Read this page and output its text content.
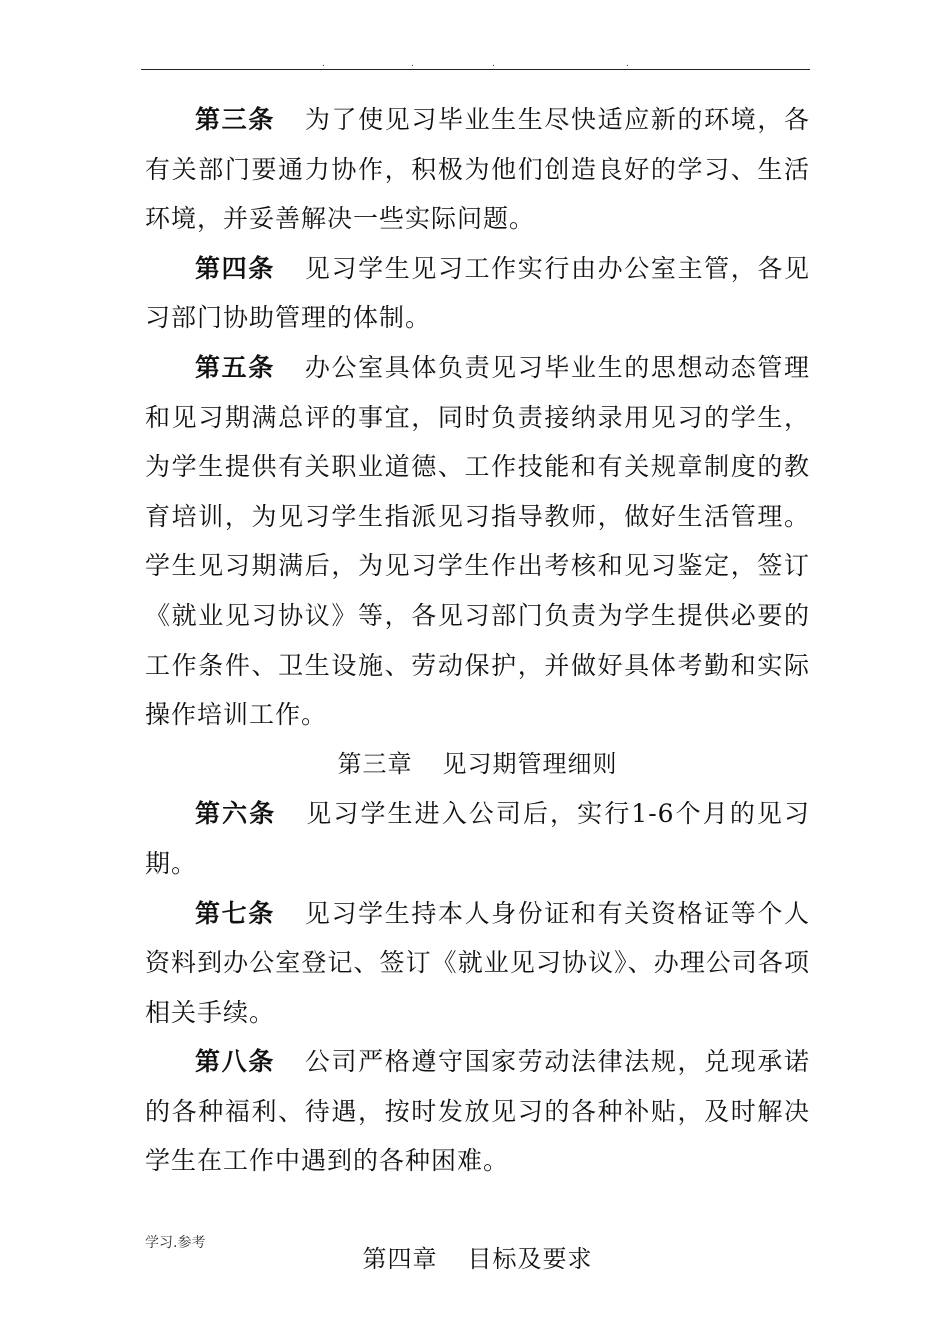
.	.	.	.

第三条 为了使见习毕业生生尽快适应新的环境，各有关部门要通力协作，积极为他们创造良好的学习、生活环境，并妥善解决一些实际问题。

第四条 见习学生见习工作实行由办公室主管，各见习部门协助管理的体制。

第五条 办公室具体负责见习毕业生的思想动态管理和见习期满总评的事宜，同时负责接纳录用见习的学生，为学生提供有关职业道德、工作技能和有关规章制度的教育培训，为见习学生指派见习指导教师，做好生活管理。学生见习期满后，为见习学生作出考核和见习鉴定，签订《就业见习协议》等，各见习部门负责为学生提供必要的工作条件、卫生设施、劳动保护，并做好具体考勤和实际操作培训工作。

第三章 见习期管理细则

第六条 见习学生进入公司后，实行1-6个月的见习期。

第七条 见习学生持本人身份证和有关资格证等个人资料到办公室登记、签订《就业见习协议》、办理公司各项相关手续。

第八条 公司严格遵守国家劳动法律法规，兑现承诺的各种福利、待遇，按时发放见习的各种补贴，及时解决学生在工作中遇到的各种困难。

第四章 目标及要求

学习.参考
